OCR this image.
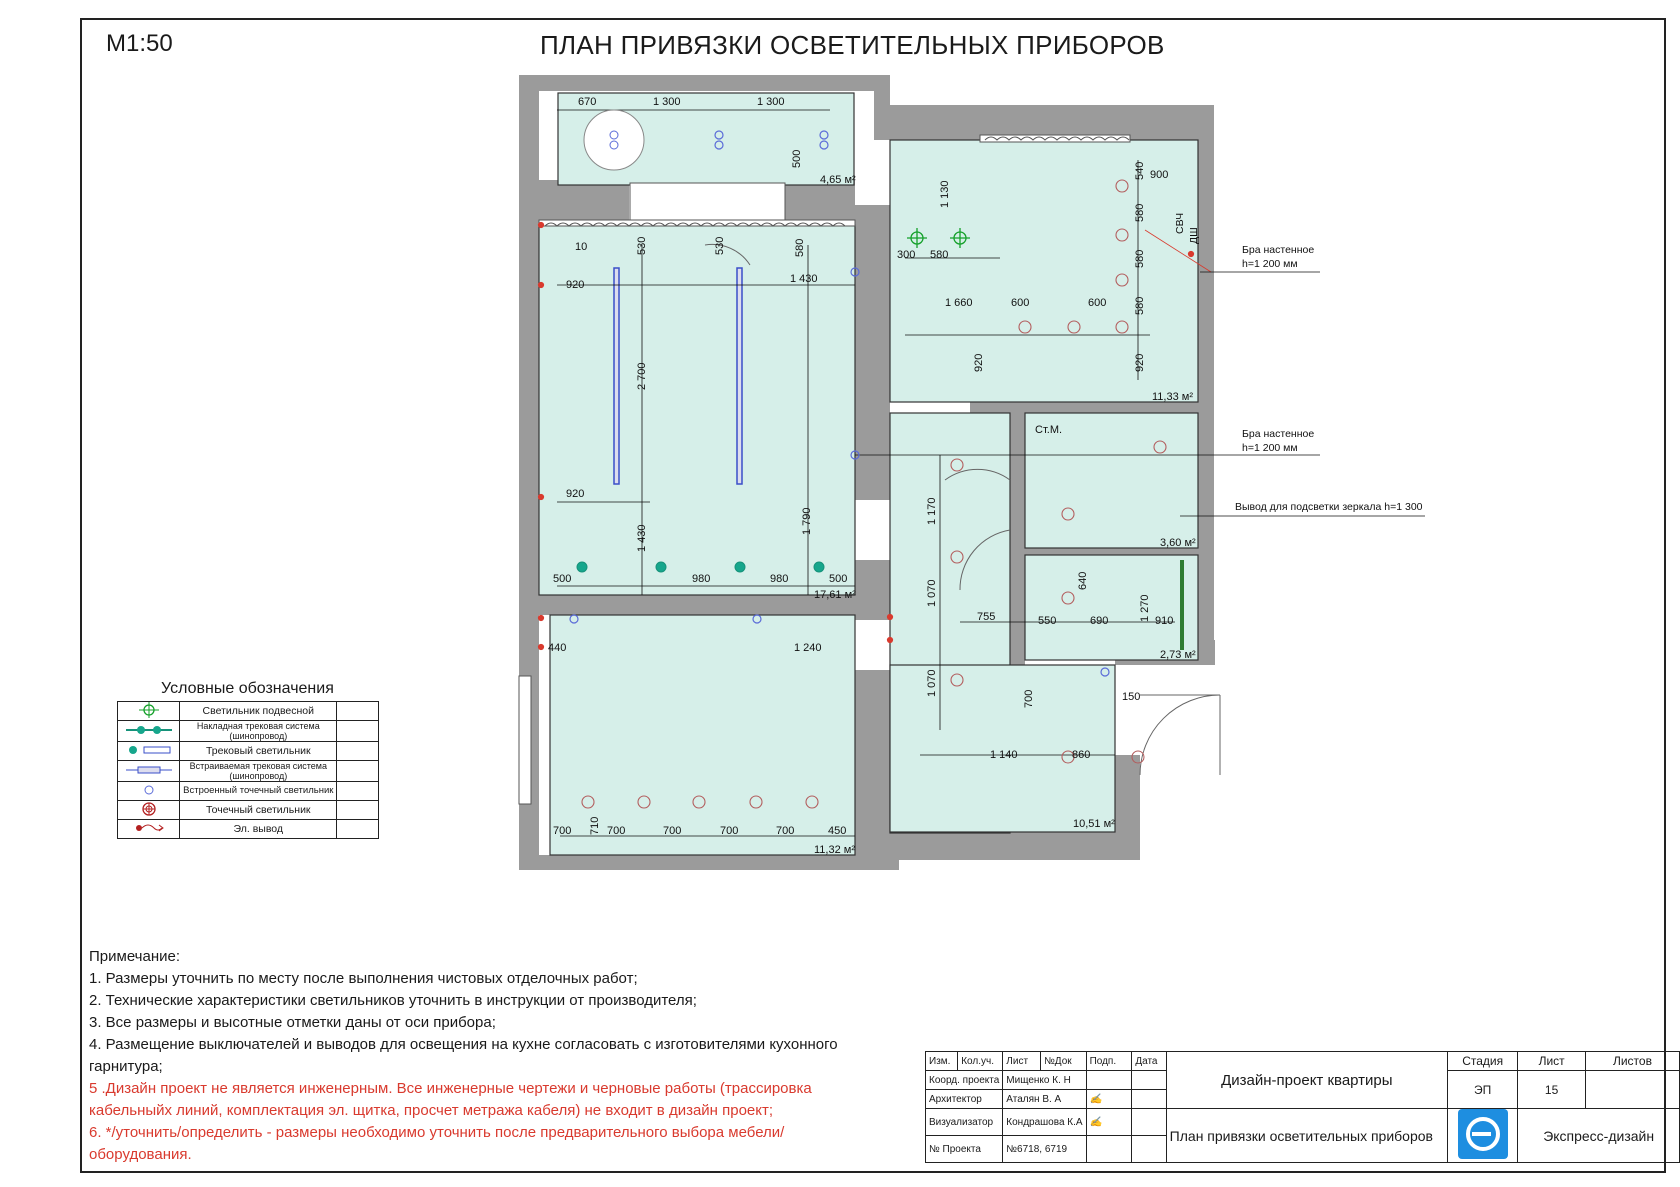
М1:50	ПЛАН ПРИВЯЗКИ ОСВЕТИТЕЛЬНЫХ ПРИБОРОВ
670	1 300	1 300
500
4,65 м²
10	530	530	580
920	1 430
2 700
920
1 430
1 790
500	980	980	500
17,61 м²
540 900
1 130
580
580
300 580
1 660	600	600	580
920	920
СВЧ
ДШ
11,33 м²
Бра настенное
h=1 200 мм
Бра настенное
h=1 200 мм
Вывод для подсветки зеркала h=1 300
Ст.М.
3,60 м²
2,73 м²
1 170
1 070
1 070
755	550	690
640
1 270 910
700	150
1 140	860
10,51 м²
440	1 240
710
700	700	700	700	700	450
11,32 м²
Условные обозначения
	Светильник подвесной	
	Накладная трековая система (шинопровод)	
	Трековый светильник	
	Встраиваемая трековая система (шинопровод)	
	Встроенный точечный светильник	
	Точечный светильник	
	Эл. вывод	
Примечание:
1. Размеры уточнить по месту после выполнения чистовых отделочных работ;
2. Технические характеристики светильников уточнить в инструкции от производителя;
3. Все размеры и высотные отметки даны от оси прибора;
4. Размещение выключателей и выводов для освещения на кухне согласовать с изготовителями кухонного гарнитура;
5 .Дизайн проект не является инженерным. Все инженерные чертежи и черновые работы (трассировка кабельныйх линий, комплектация эл. щитка, просчет метража кабеля) не входит в дизайн проект;
6. */уточнить/определить - размеры необходимо уточнить после предварительного выбора мебели/ оборудования.
Изм.	Кол.уч.	Лист	№Док	Подп.	Дата	Дизайн-проект квартиры	Стадия	Лист	Листов
Коорд. проекта		Мищенко К. Н					ЭП	15	
Архитектор		Аталян В. А		✍					
Визуализатор		Кондрашова К.А		✍		План привязки осветительных приборов		Экспресс-дизайн	
№ Проекта		№6718, 6719							
